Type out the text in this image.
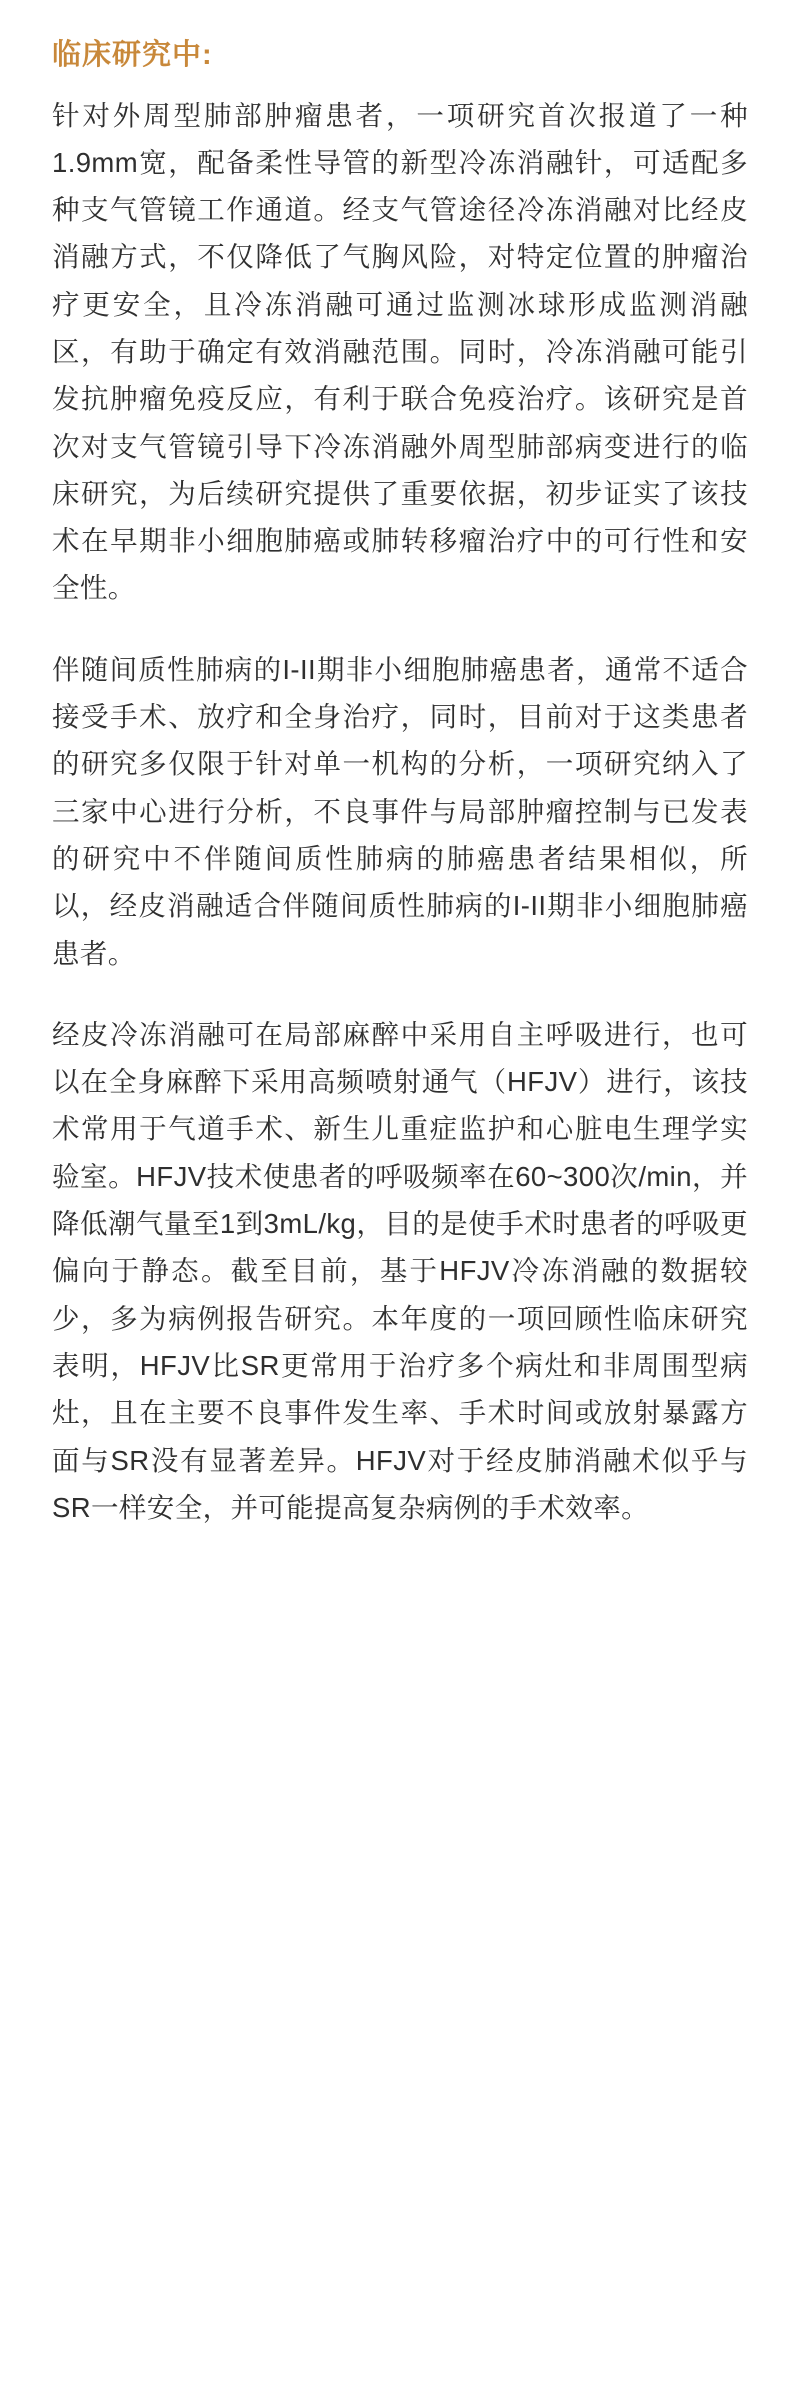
临床研究中:

针对外周型肺部肿瘤患者，一项研究首次报道了一种1.9mm宽，配备柔性导管的新型冷冻消融针，可适配多种支气管镜工作通道。经支气管途径冷冻消融对比经皮消融方式，不仅降低了气胸风险，对特定位置的肿瘤治疗更安全，且冷冻消融可通过监测冰球形成监测消融区，有助于确定有效消融范围。同时，冷冻消融可能引发抗肿瘤免疫反应，有利于联合免疫治疗。该研究是首次对支气管镜引导下冷冻消融外周型肺部病变进行的临床研究，为后续研究提供了重要依据，初步证实了该技术在早期非小细胞肺癌或肺转移瘤治疗中的可行性和安全性。

伴随间质性肺病的I-II期非小细胞肺癌患者，通常不适合接受手术、放疗和全身治疗，同时，目前对于这类患者的研究多仅限于针对单一机构的分析，一项研究纳入了三家中心进行分析，不良事件与局部肿瘤控制与已发表的研究中不伴随间质性肺病的肺癌患者结果相似，所以，经皮消融适合伴随间质性肺病的I-II期非小细胞肺癌患者。

经皮冷冻消融可在局部麻醉中采用自主呼吸进行，也可以在全身麻醉下采用高频喷射通气（HFJV）进行，该技术常用于气道手术、新生儿重症监护和心脏电生理学实验室。HFJV技术使患者的呼吸频率在60~300次/min，并降低潮气量至1到3mL/kg，目的是使手术时患者的呼吸更偏向于静态。截至目前，基于HFJV冷冻消融的数据较少，多为病例报告研究。本年度的一项回顾性临床研究表明，HFJV比SR更常用于治疗多个病灶和非周围型病灶，且在主要不良事件发生率、手术时间或放射暴露方面与SR没有显著差异。HFJV对于经皮肺消融术似乎与SR一样安全，并可能提高复杂病例的手术效率。
